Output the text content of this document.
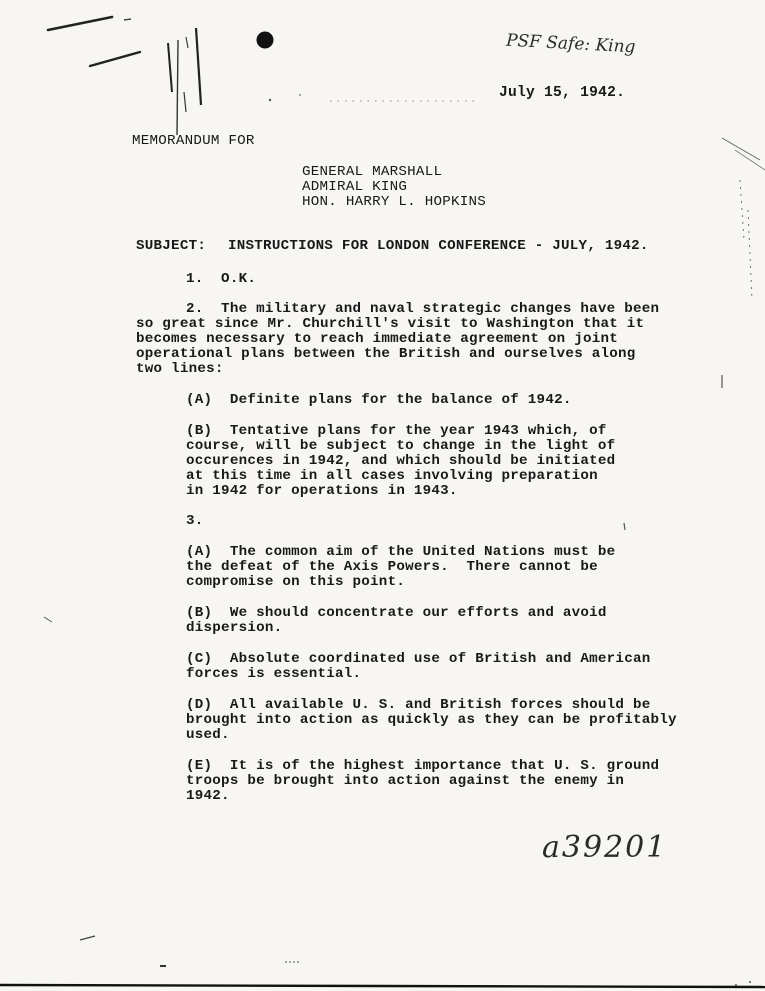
PSF Safe: King
a39201
July 15, 1942.
MEMORANDUM FOR
GENERAL MARSHALL
ADMIRAL KING
HON. HARRY L. HOPKINS
SUBJECT: INSTRUCTIONS FOR LONDON CONFERENCE - JULY, 1942.
1.  O.K.
2.  The military and naval strategic changes have been
so great since Mr. Churchill's visit to Washington that it
becomes necessary to reach immediate agreement on joint
operational plans between the British and ourselves along
two lines:
(A)  Definite plans for the balance of 1942.
(B)  Tentative plans for the year 1943 which, of
course, will be subject to change in the light of
occurences in 1942, and which should be initiated
at this time in all cases involving preparation
in 1942 for operations in 1943.
3.
(A)  The common aim of the United Nations must be
the defeat of the Axis Powers.  There cannot be
compromise on this point.
(B)  We should concentrate our efforts and avoid
dispersion.
(C)  Absolute coordinated use of British and American
forces is essential.
(D)  All available U. S. and British forces should be
brought into action as quickly as they can be profitably
used.
(E)  It is of the highest importance that U. S. ground
troops be brought into action against the enemy in
1942.
